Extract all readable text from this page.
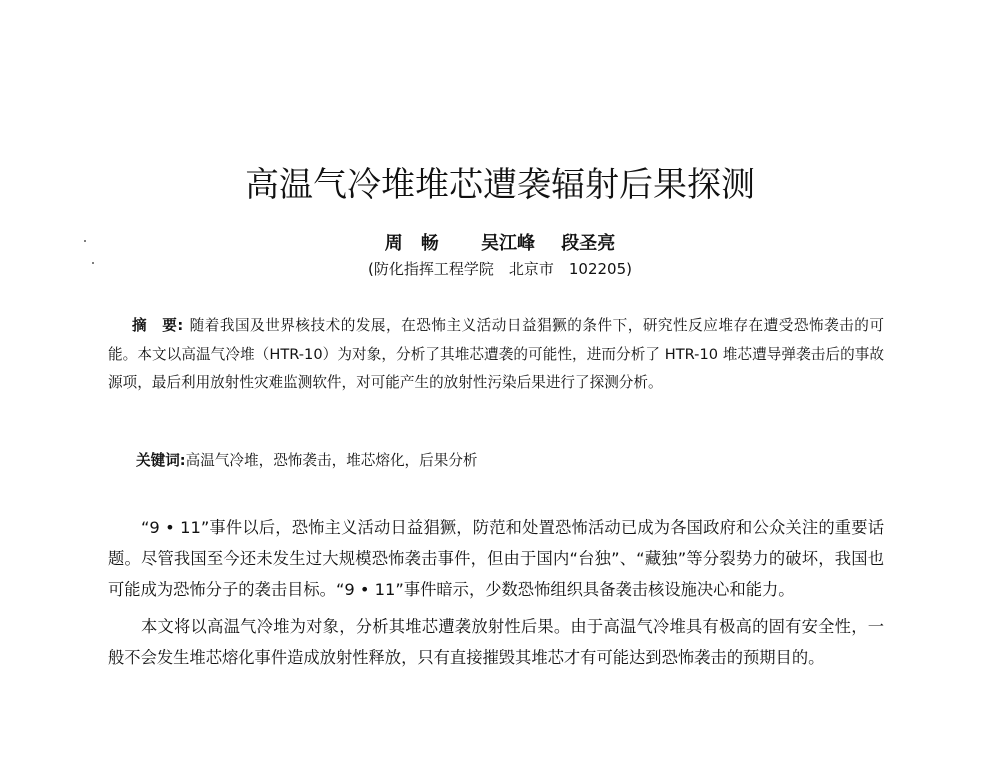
高温气冷堆堆芯遭袭辐射后果探测
周　畅 吴江峰 段圣亮
(防化指挥工程学院　北京市　102205)
摘　要: 随着我国及世界核技术的发展，在恐怖主义活动日益猖獗的条件下，研究性反应堆存在遭受恐怖袭击的可能。本文以高温气冷堆（HTR-10）为对象，分析了其堆芯遭袭的可能性，进而分析了 HTR-10 堆芯遭导弹袭击后的事故源项，最后利用放射性灾难监测软件，对可能产生的放射性污染后果进行了探测分析。
关键词:高温气冷堆，恐怖袭击，堆芯熔化，后果分析

“9 • 11”事件以后，恐怖主义活动日益猖獗，防范和处置恐怖活动已成为各国政府和公众关注的重要话题。尽管我国至今还未发生过大规模恐怖袭击事件，但由于国内“台独”、“藏独”等分裂势力的破坏，我国也可能成为恐怖分子的袭击目标。“9 • 11”事件暗示，少数恐怖组织具备袭击核设施决心和能力。

本文将以高温气冷堆为对象，分析其堆芯遭袭放射性后果。由于高温气冷堆具有极高的固有安全性，一般不会发生堆芯熔化事件造成放射性释放，只有直接摧毁其堆芯才有可能达到恐怖袭击的预期目的。
